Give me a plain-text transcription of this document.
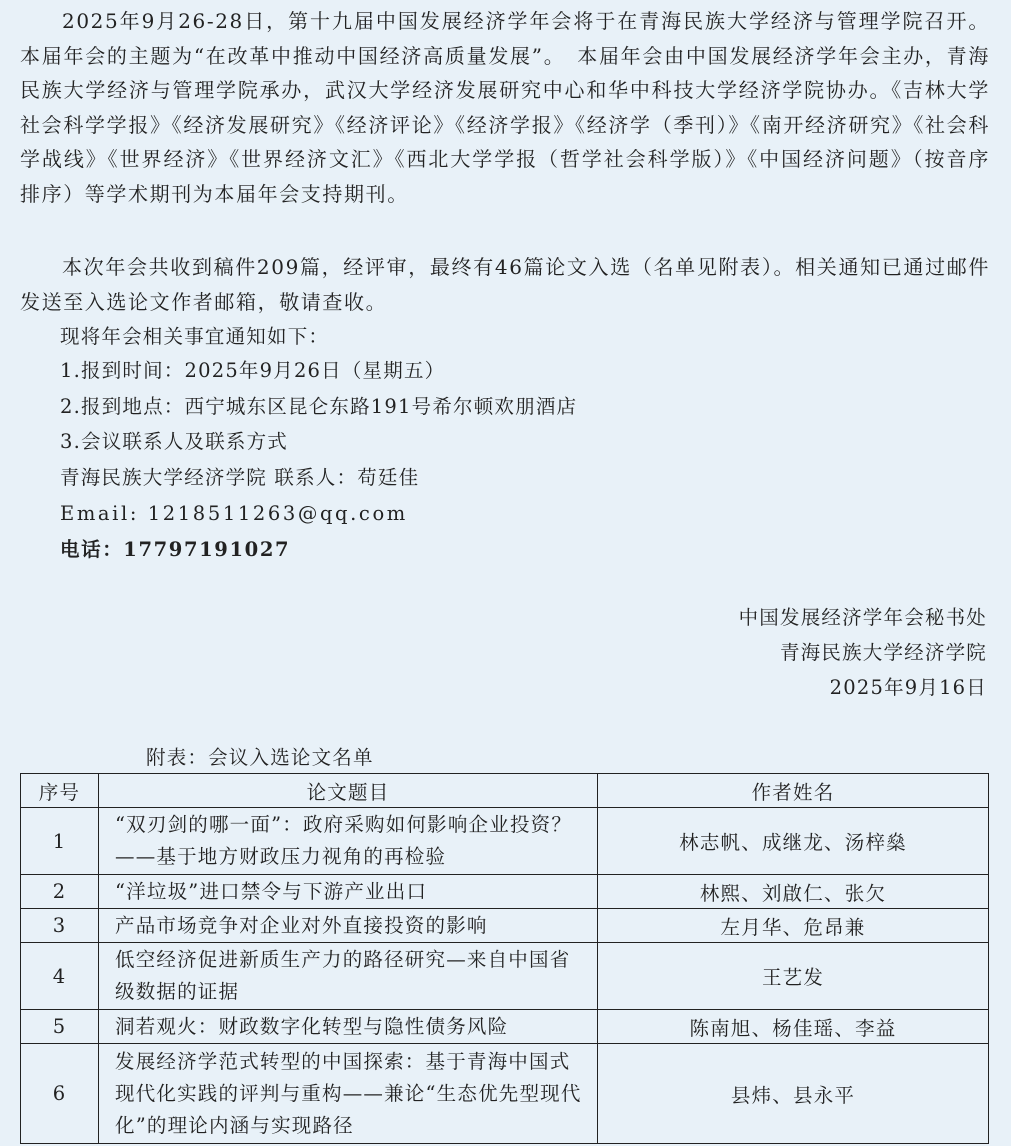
2025年9月26-28日，第十九届中国发展经济学年会将于在青海民族大学经济与管理学院召开。本届年会的主题为“在改革中推动中国经济高质量发展”。　本届年会由中国发展经济学年会主办，青海民族大学经济与管理学院承办，武汉大学经济发展研究中心和华中科技大学经济学院协办。《吉林大学社会科学学报》《经济发展研究》《经济评论》《经济学报》《经济学（季刊）》《南开经济研究》《社会科学战线》《世界经济》《世界经济文汇》《西北大学学报（哲学社会科学版）》《中国经济问题》（按音序排序）等学术期刊为本届年会支持期刊。

本次年会共收到稿件209篇，经评审，最终有46篇论文入选（名单见附表）。相关通知已通过邮件发送至入选论文作者邮箱，敬请查收。

现将年会相关事宜通知如下：
1.报到时间：2025年9月26日（星期五）
2.报到地点：西宁城东区昆仑东路191号希尔顿欢朋酒店
3.会议联系人及联系方式
青海民族大学经济学院 联系人：苟廷佳
Email: 1218511263@qq.com
电话：17797191027
中国发展经济学年会秘书处
青海民族大学经济学院
2025年9月16日
附表：会议入选论文名单
序号	论文题目	作者姓名
1	“双刃剑的哪一面”：政府采购如何影响企业投资？——基于地方财政压力视角的再检验	林志帆、成继龙、汤梓燊
2	“洋垃圾”进口禁令与下游产业出口	林熙、刘啟仁、张欠
3	产品市场竞争对企业对外直接投资的影响	左月华、危昂兼
4	低空经济促进新质生产力的路径研究—来自中国省级数据的证据	王艺发
5	洞若观火：财政数字化转型与隐性债务风险	陈南旭、杨佳瑶、李益
6	发展经济学范式转型的中国探索：基于青海中国式现代化实践的评判与重构——兼论“生态优先型现代化”的理论内涵与实现路径	县炜、县永平
